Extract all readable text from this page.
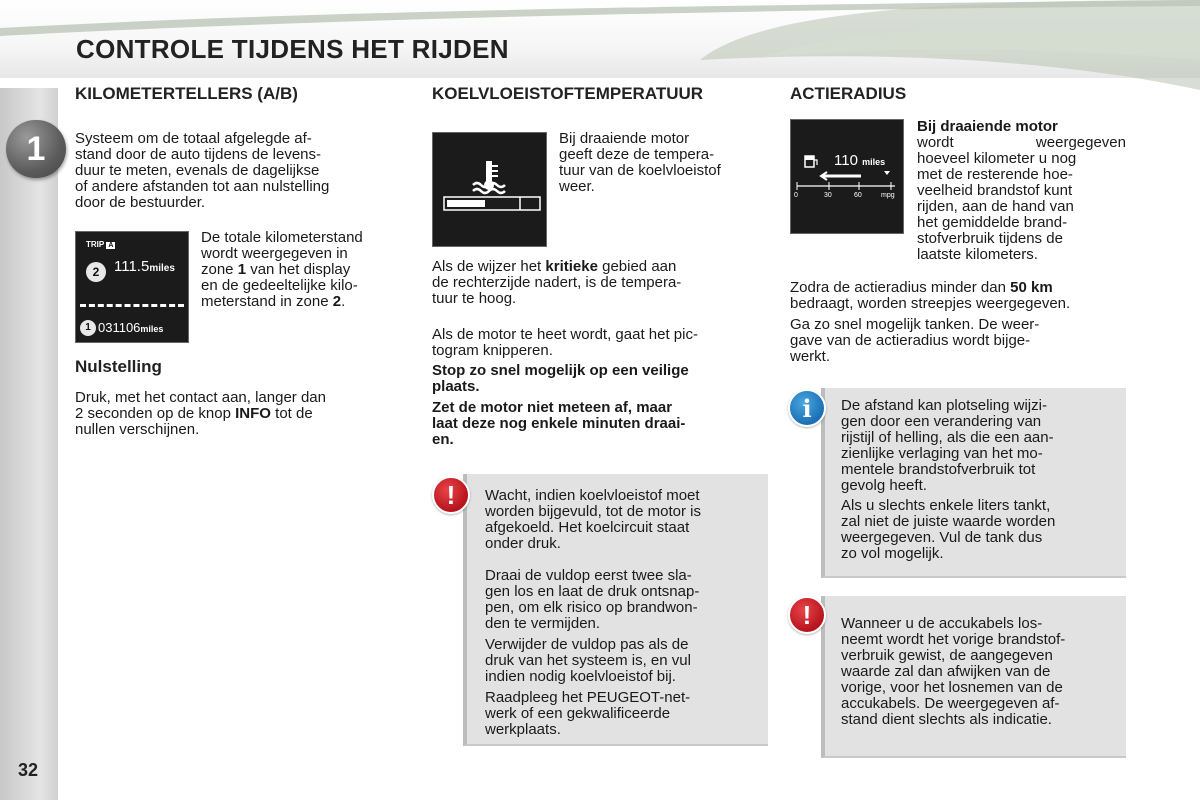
CONTROLE TIJDENS HET RIJDEN
1
32
KILOMETERTELLERS (A/B)
Systeem om de totaal afgelegde af-
stand door de auto tijdens de levens-
duur te meten, evenals de dagelijkse
of andere afstanden tot aan nulstelling
door de bestuurder.
TRIP A
2 111.5miles
1 031106miles
De totale kilometerstand
wordt weergegeven in
zone 1 van het display
en de gedeeltelijke kilo-
meterstand in zone 2.
Nulstelling
Druk, met het contact aan, langer dan
2 seconden op de knop INFO tot de
nullen verschijnen.
KOELVLOEISTOFTEMPERATUUR
Bij draaiende motor
geeft deze de tempera-
tuur van de koelvloeistof
weer.
Als de wijzer het kritieke gebied aan
de rechterzijde nadert, is de tempera-
tuur te hoog.
Als de motor te heet wordt, gaat het pic-
togram knipperen.
Stop zo snel mogelijk op een veilige
plaats.
Zet de motor niet meteen af, maar
laat deze nog enkele minuten draai-
en.
Wacht, indien koelvloeistof moet
worden bijgevuld, tot de motor is
afgekoeld. Het koelcircuit staat
onder druk.
Draai de vuldop eerst twee sla-
gen los en laat de druk ontsnap-
pen, om elk risico op brandwon-
den te vermijden.
Verwijder de vuldop pas als de
druk van het systeem is, en vul
indien nodig koelvloeistof bij.
Raadpleeg het PEUGEOT-net-
werk of een gekwalificeerde
werkplaats.
!
ACTIERADIUS
110 miles
0	30	60	mpg
Bij draaiende motor
wordt weergegeven
hoeveel kilometer u nog
met de resterende hoe-
veelheid brandstof kunt
rijden, aan de hand van
het gemiddelde brand-
stofverbruik tijdens de
laatste kilometers.
Zodra de actieradius minder dan 50 km
bedraagt, worden streepjes weergegeven.
Ga zo snel mogelijk tanken. De weer-
gave van de actieradius wordt bijge-
werkt.
De afstand kan plotseling wijzi-
gen door een verandering van
rijstijl of helling, als die een aan-
zienlijke verlaging van het mo-
mentele brandstofverbruik tot
gevolg heeft.
Als u slechts enkele liters tankt,
zal niet de juiste waarde worden
weergegeven. Vul de tank dus
zo vol mogelijk.
i
Wanneer u de accukabels los-
neemt wordt het vorige brandstof-
verbruik gewist, de aangegeven
waarde zal dan afwijken van de
vorige, voor het losnemen van de
accukabels. De weergegeven af-
stand dient slechts als indicatie.
!
